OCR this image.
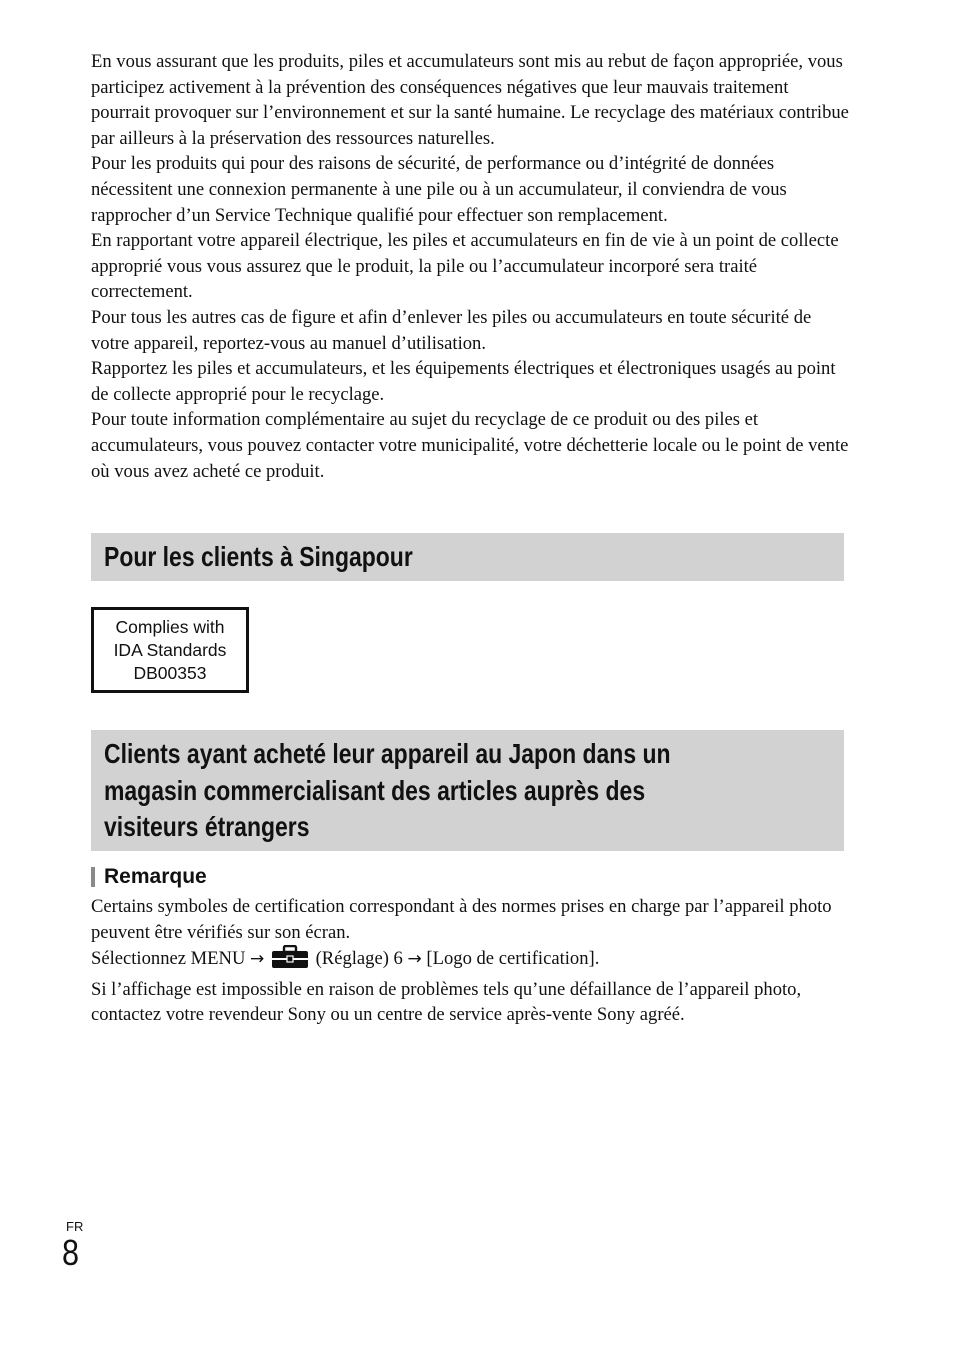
En vous assurant que les produits, piles et accumulateurs sont mis au rebut de façon appropriée, vous participez activement à la prévention des conséquences négatives que leur mauvais traitement pourrait provoquer sur l’environnement et sur la santé humaine. Le recyclage des matériaux contribue par ailleurs à la préservation des ressources naturelles.

Pour les produits qui pour des raisons de sécurité, de performance ou d’intégrité de données nécessitent une connexion permanente à une pile ou à un accumulateur, il conviendra de vous rapprocher d’un Service Technique qualifié pour effectuer son remplacement.

En rapportant votre appareil électrique, les piles et accumulateurs en fin de vie à un point de collecte approprié vous vous assurez que le produit, la pile ou l’accumulateur incorporé sera traité correctement.

Pour tous les autres cas de figure et afin d’enlever les piles ou accumulateurs en toute sécurité de votre appareil, reportez-vous au manuel d’utilisation.

Rapportez les piles et accumulateurs, et les équipements électriques et électroniques usagés au point de collecte approprié pour le recyclage.

Pour toute information complémentaire au sujet du recyclage de ce produit ou des piles et accumulateurs, vous pouvez contacter votre municipalité, votre déchetterie locale ou le point de vente où vous avez acheté ce produit.

Pour les clients à Singapour
Complies with
IDA Standards
DB00353
Clients ayant acheté leur appareil au Japon dans un
magasin commercialisant des articles auprès des
visiteurs étrangers
Remarque

Certains symboles de certification correspondant à des normes prises en charge par l’appareil photo peuvent être vérifiés sur son écran.

Sélectionnez MENU →	(Réglage) 6 → [Logo de certification].

Si l’affichage est impossible en raison de problèmes tels qu’une défaillance de l’appareil photo, contactez votre revendeur Sony ou un centre de service après-vente Sony agréé.

FR
8
